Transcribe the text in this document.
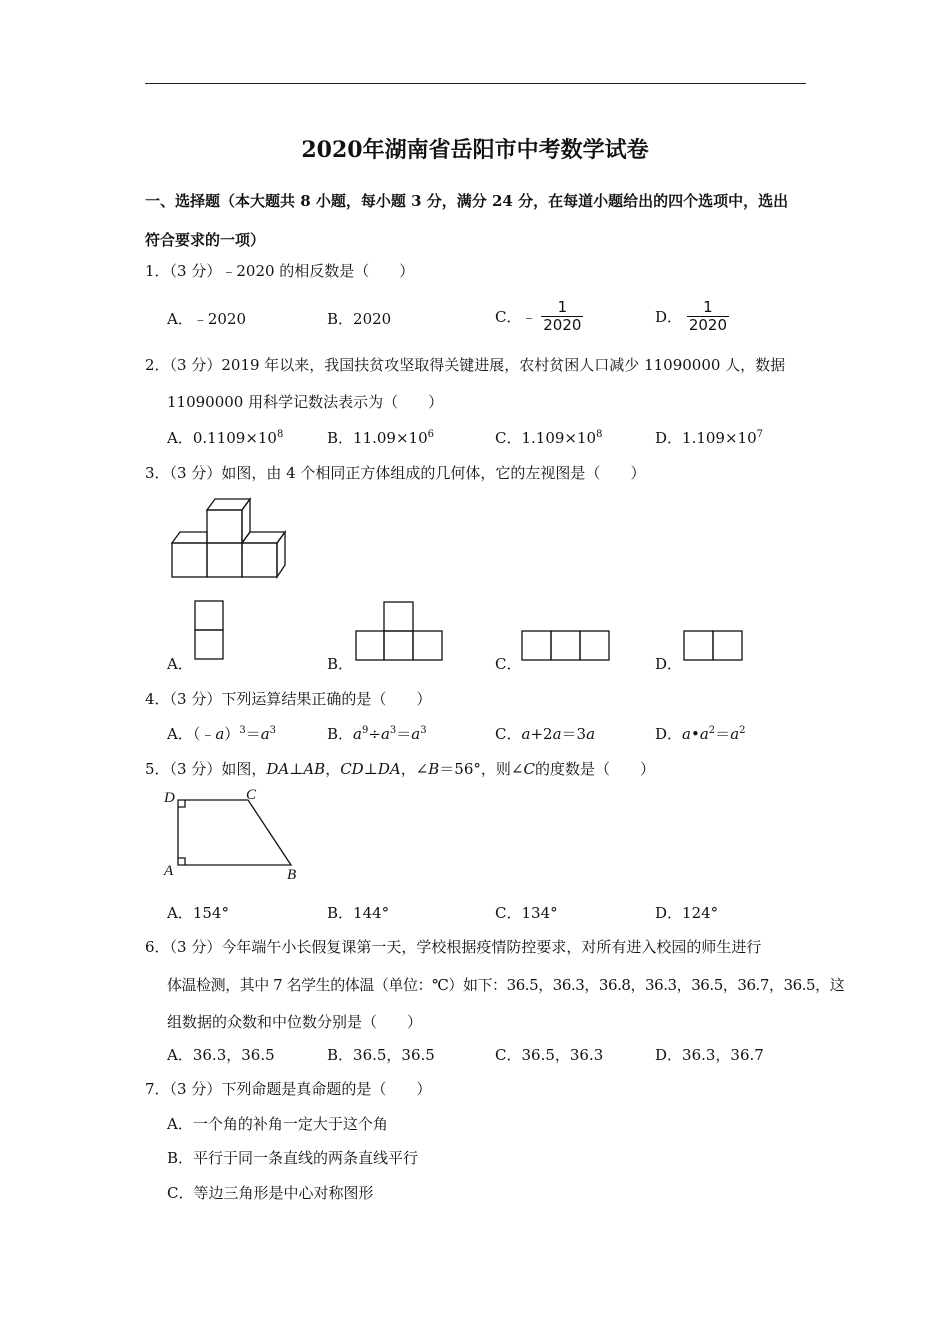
2020年湖南省岳阳市中考数学试卷
一、选择题（本大题共 8 小题，每小题 3 分，满分 24 分，在每道小题给出的四个选项中，选出
符合要求的一项）
1．（3 分）﹣2020 的相反数是（　　）
A．﹣2020	B．2020	C．﹣ $\frac{1}{2020}$	D． $\frac{1}{2020}$
2．（3 分）2019 年以来，我国扶贫攻坚取得关键进展，农村贫困人口减少 11090000 人，数据
11090000 用科学记数法表示为（　　）
A．$0.1109\times 10^8$	B．$11.09\times 10^6$	C．$1.109\times 10^8$	D．$1.109\times 10^7$
3．（3 分）如图，由 4 个相同正方体组成的几何体，它的左视图是（　　）
A．	B．	C．	D．
4．（3 分）下列运算结果正确的是（　　）
A．$(﹣a)^3=a^3$	B．$a^9\div a^3=a^3$	C．a+2a＝3a	D．$a•a^2=a^2$
5．（3 分）如图，DA⊥AB，CD⊥DA，∠B＝56°，则∠C的度数是（　　）
D	C
A	B
A．154°	B．144°	C．134°	D．124°
6．（3 分）今年端午小长假复课第一天，学校根据疫情防控要求，对所有进入校园的师生进行
体温检测，其中 7 名学生的体温（单位：℃）如下：36.5，36.3，36.8，36.3，36.5，36.7，36.5，这
组数据的众数和中位数分别是（　　）
A．36.3，36.5	B．36.5，36.5	C．36.5，36.3	D．36.3，36.7
7．（3 分）下列命题是真命题的是（　　）
A．一个角的补角一定大于这个角
B．平行于同一条直线的两条直线平行
C．等边三角形是中心对称图形
